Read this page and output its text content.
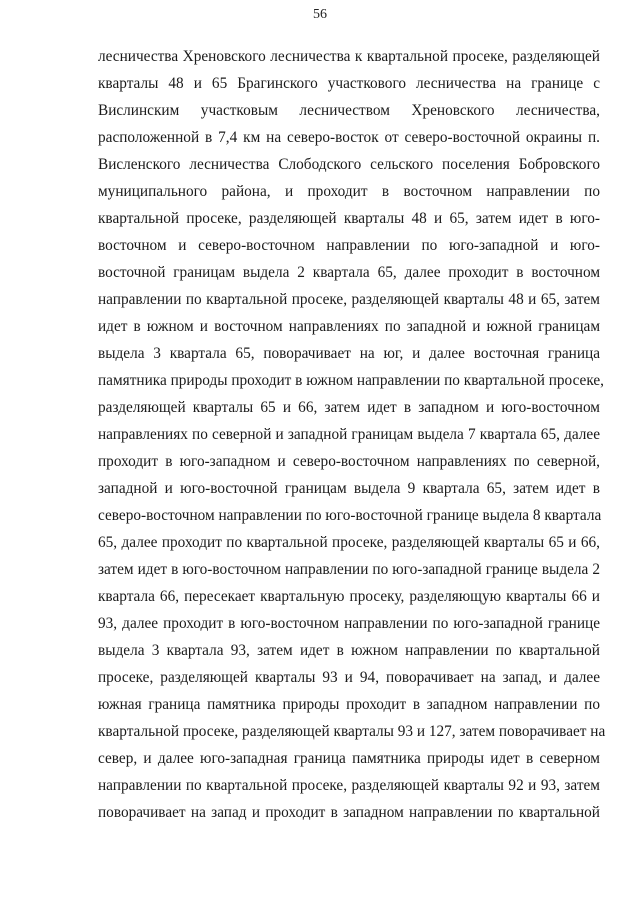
56
лесничества Хреновского лесничества к квартальной просеке, разделяющей
кварталы 48 и 65 Брагинского участкового лесничества на границе с
Вислинским участковым лесничеством Хреновского лесничества,
расположенной в 7,4 км на северо-восток от северо-восточной окраины п.
Висленского лесничества Слободского сельского поселения Бобровского
муниципального района, и проходит в восточном направлении по
квартальной просеке, разделяющей кварталы 48 и 65, затем идет в юго-
восточном и северо-восточном направлении по юго-западной и юго-
восточной границам выдела 2 квартала 65, далее проходит в восточном
направлении по квартальной просеке, разделяющей кварталы 48 и 65, затем
идет в южном и восточном направлениях по западной и южной границам
выдела 3 квартала 65, поворачивает на юг, и далее восточная граница
памятника природы проходит в южном направлении по квартальной просеке,
разделяющей кварталы 65 и 66, затем идет в западном и юго-восточном
направлениях по северной и западной границам выдела 7 квартала 65, далее
проходит в юго-западном и северо-восточном направлениях по северной,
западной и юго-восточной границам выдела 9 квартала 65, затем идет в
северо-восточном направлении по юго-восточной границе выдела 8 квартала
65, далее проходит по квартальной просеке, разделяющей кварталы 65 и 66,
затем идет в юго-восточном направлении по юго-западной границе выдела 2
квартала 66, пересекает квартальную просеку, разделяющую кварталы 66 и
93, далее проходит в юго-восточном направлении по юго-западной границе
выдела 3 квартала 93, затем идет в южном направлении по квартальной
просеке, разделяющей кварталы 93 и 94, поворачивает на запад, и далее
южная граница памятника природы проходит в западном направлении по
квартальной просеке, разделяющей кварталы 93 и 127, затем поворачивает на
север, и далее юго-западная граница памятника природы идет в северном
направлении по квартальной просеке, разделяющей кварталы 92 и 93, затем
поворачивает на запад и проходит в западном направлении по квартальной
